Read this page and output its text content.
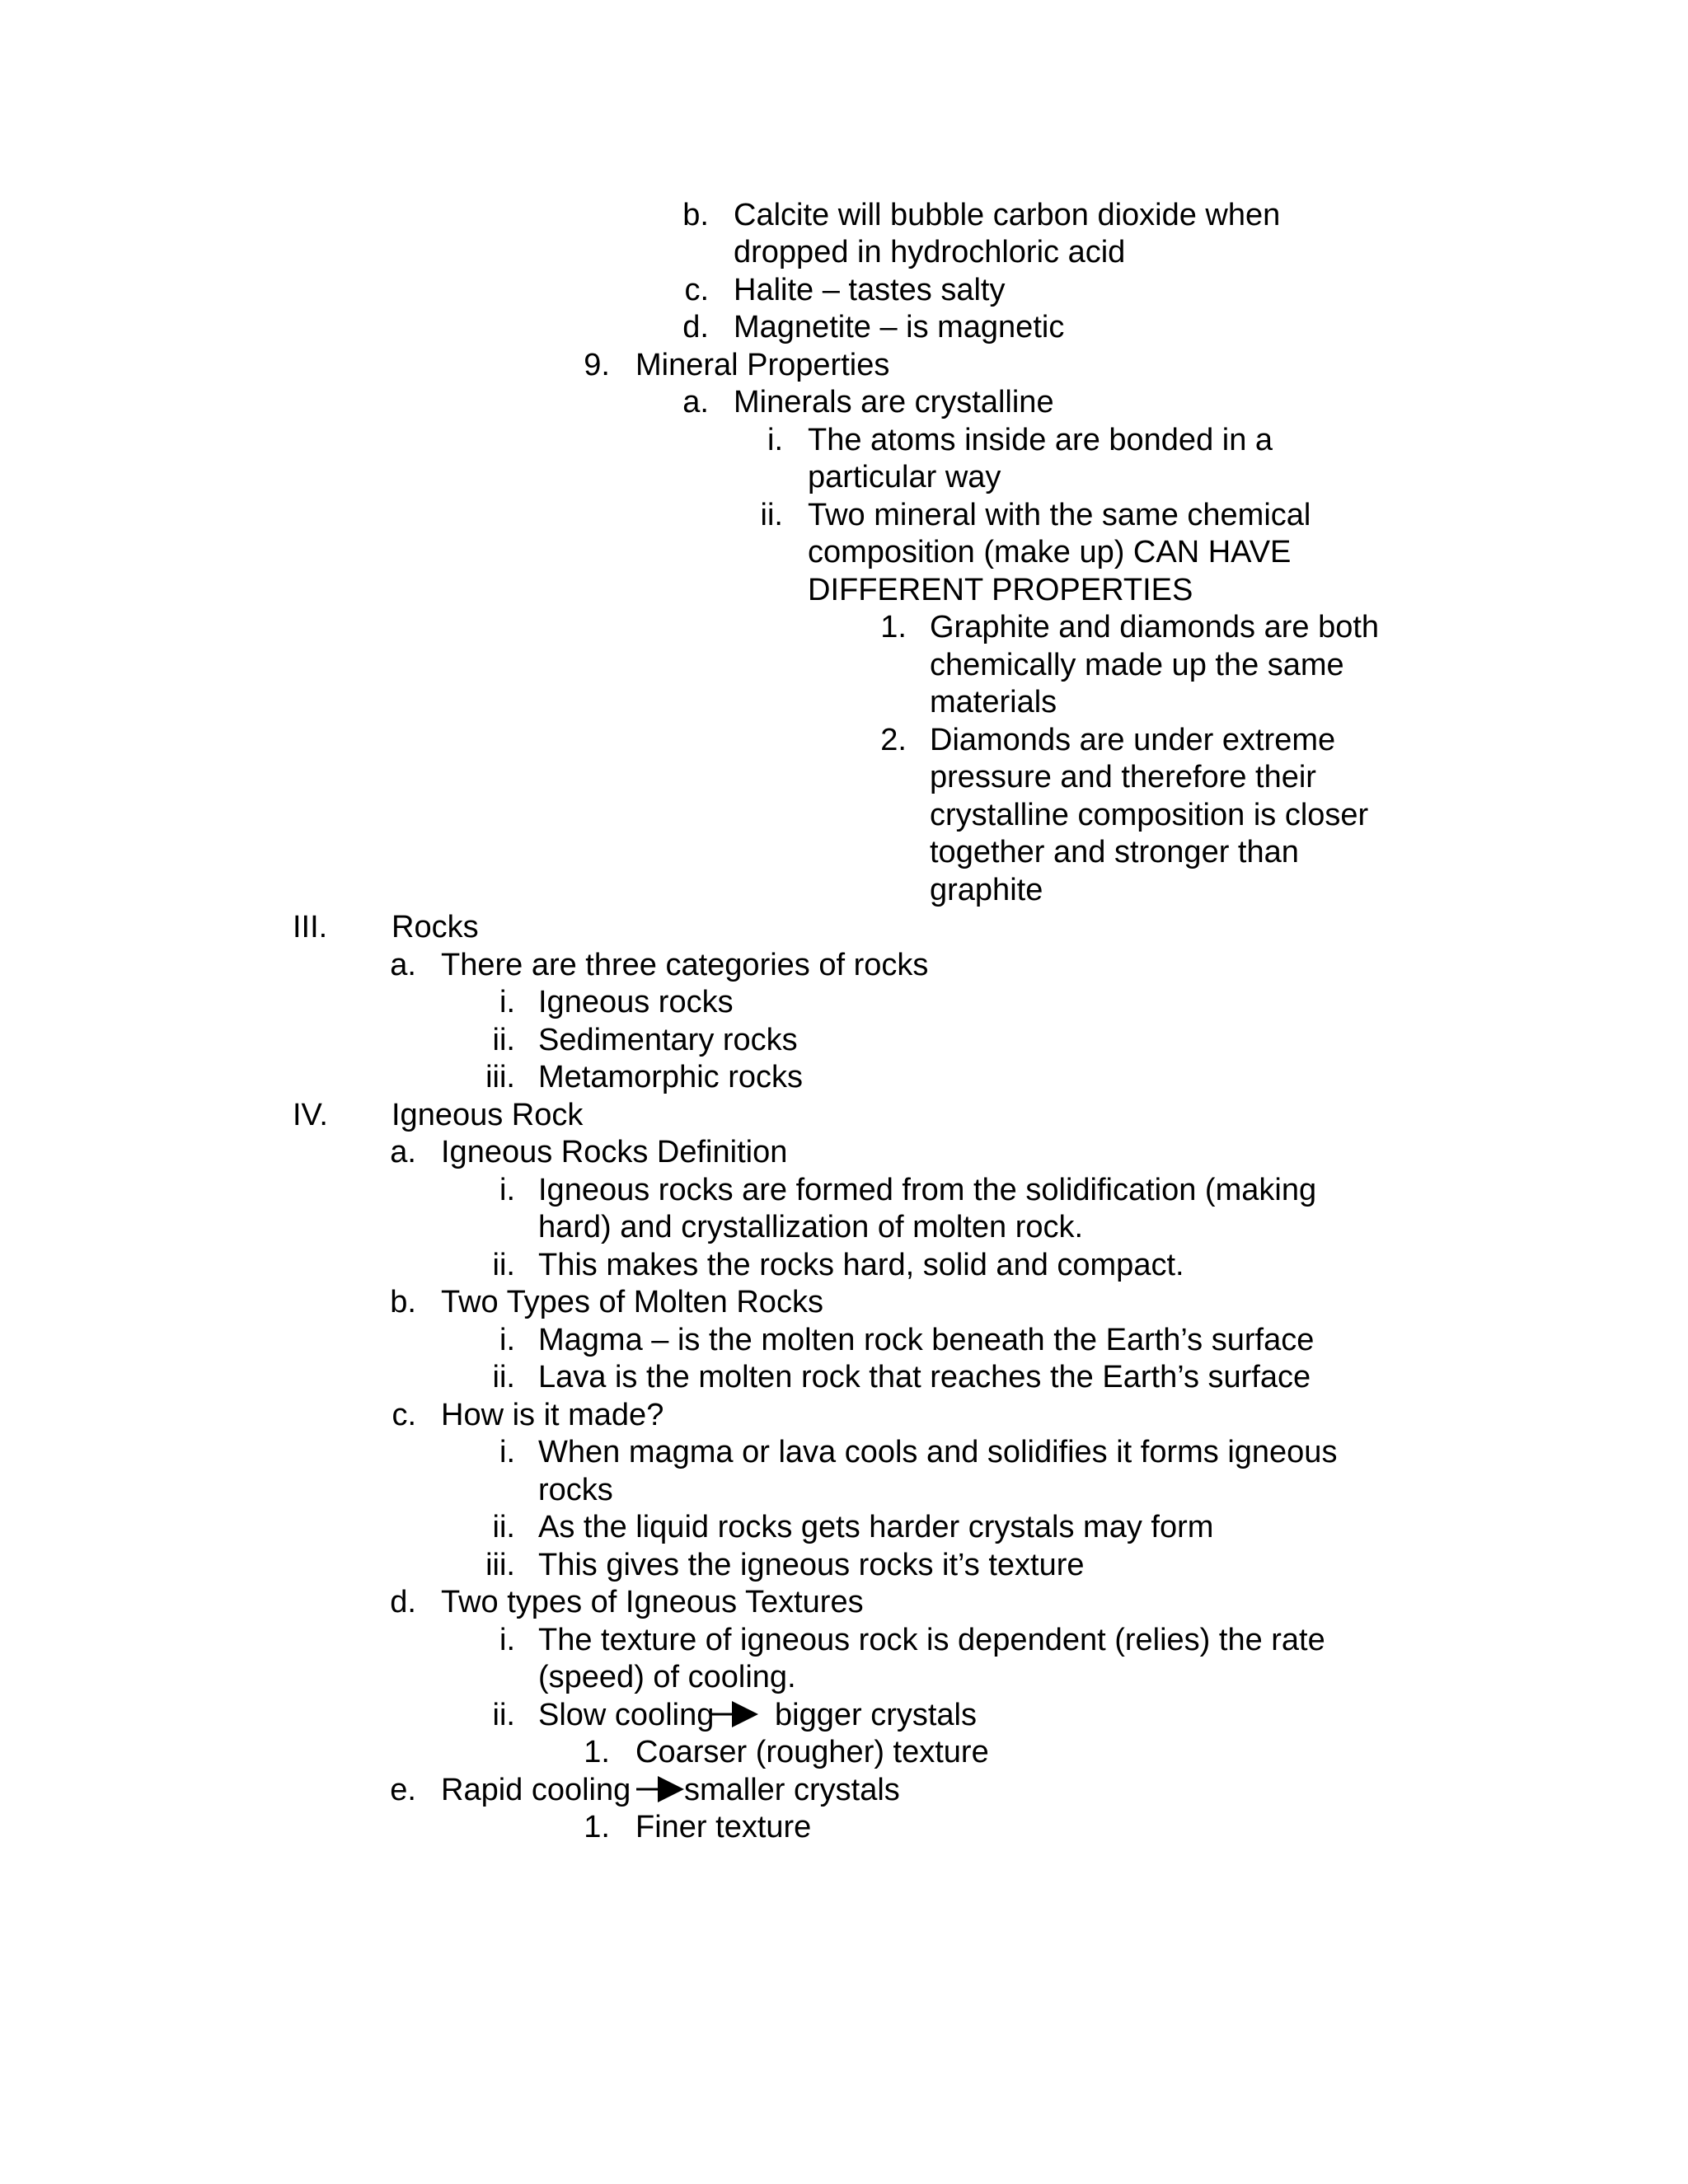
b. Calcite will bubble carbon dioxide when
dropped in hydrochloric acid
c. Halite – tastes salty
d. Magnetite – is magnetic
9. Mineral Properties
a. Minerals are crystalline
i. The atoms inside are bonded in a
particular way
ii. Two mineral with the same chemical
composition (make up) CAN HAVE
DIFFERENT PROPERTIES
1. Graphite and diamonds are both
chemically made up the same
materials
2. Diamonds are under extreme
pressure and therefore their
crystalline composition is closer
together and stronger than
graphite
III. Rocks
a. There are three categories of rocks
i. Igneous rocks
ii. Sedimentary rocks
iii. Metamorphic rocks
IV. Igneous Rock
a. Igneous Rocks Definition
i. Igneous rocks are formed from the solidification (making
hard) and crystallization of molten rock.
ii. This makes the rocks hard, solid and compact.
b. Two Types of Molten Rocks
i. Magma – is the molten rock beneath the Earth’s surface
ii. Lava is the molten rock that reaches the Earth’s surface
c. How is it made?
i. When magma or lava cools and solidifies it forms igneous
rocks
ii. As the liquid rocks gets harder crystals may form
iii. This gives the igneous rocks it’s texture
d. Two types of Igneous Textures
i. The texture of igneous rock is dependent (relies) the rate
(speed) of cooling.
ii. Slow cooling bigger crystals
1. Coarser (rougher) texture
e. Rapid cooling smaller crystals
1. Finer texture
